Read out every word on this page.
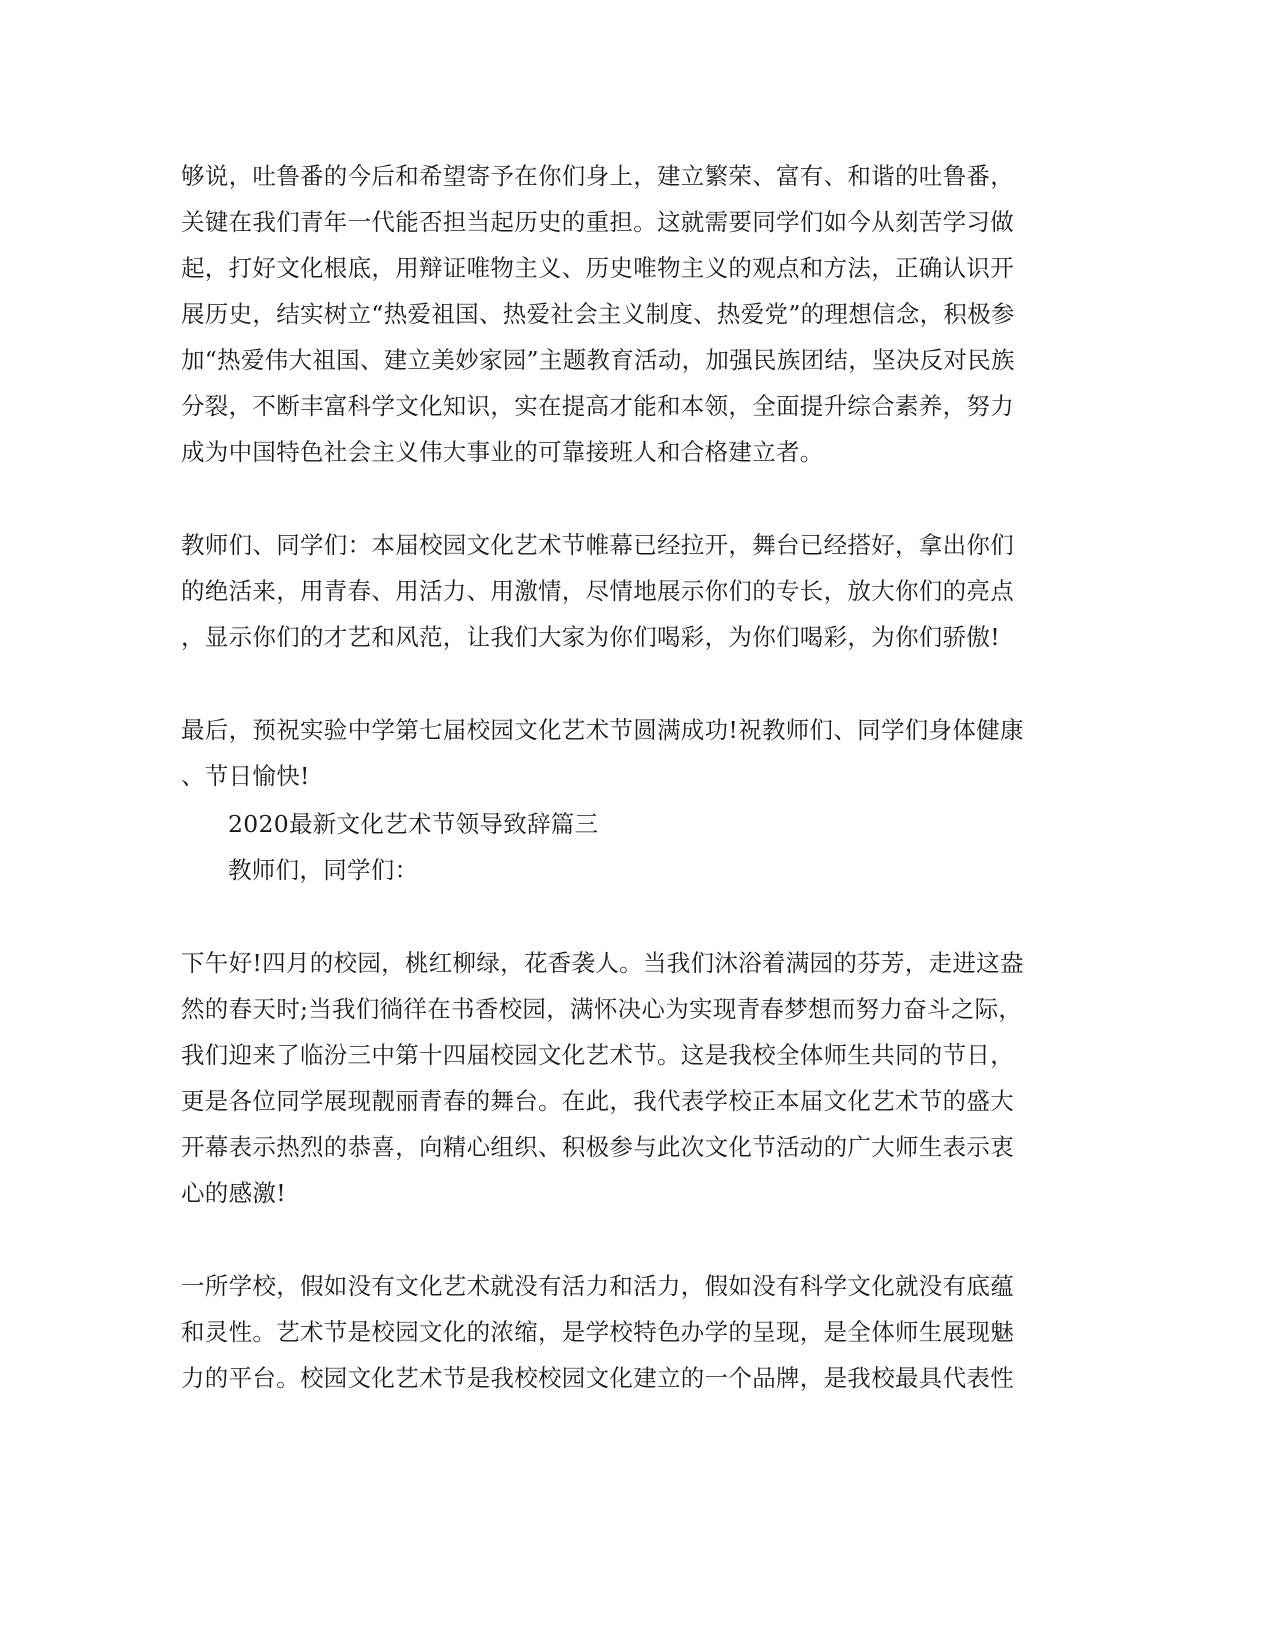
够说，吐鲁番的今后和希望寄予在你们身上，建立繁荣、富有、和谐的吐鲁番，
关键在我们青年一代能否担当起历史的重担。这就需要同学们如今从刻苦学习做
起，打好文化根底，用辩证唯物主义、历史唯物主义的观点和方法，正确认识开
展历史，结实树立“热爱祖国、热爱社会主义制度、热爱党”的理想信念，积极参
加“热爱伟大祖国、建立美妙家园”主题教育活动，加强民族团结，坚决反对民族
分裂，不断丰富科学文化知识，实在提高才能和本领，全面提升综合素养，努力
成为中国特色社会主义伟大事业的可靠接班人和合格建立者。
教师们、同学们：本届校园文化艺术节帷幕已经拉开，舞台已经搭好，拿出你们
的绝活来，用青春、用活力、用激情，尽情地展示你们的专长，放大你们的亮点
，显示你们的才艺和风范，让我们大家为你们喝彩，为你们喝彩，为你们骄傲!
最后，预祝实验中学第七届校园文化艺术节圆满成功!祝教师们、同学们身体健康
、节日愉快!
2020最新文化艺术节领导致辞篇三
教师们，同学们：
下午好!四月的校园，桃红柳绿，花香袭人。当我们沐浴着满园的芬芳，走进这盎
然的春天时;当我们徜徉在书香校园，满怀决心为实现青春梦想而努力奋斗之际，
我们迎来了临汾三中第十四届校园文化艺术节。这是我校全体师生共同的节日，
更是各位同学展现靓丽青春的舞台。在此，我代表学校正本届文化艺术节的盛大
开幕表示热烈的恭喜，向精心组织、积极参与此次文化节活动的广大师生表示衷
心的感激!
一所学校，假如没有文化艺术就没有活力和活力，假如没有科学文化就没有底蕴
和灵性。艺术节是校园文化的浓缩，是学校特色办学的呈现，是全体师生展现魅
力的平台。校园文化艺术节是我校校园文化建立的一个品牌，是我校最具代表性
